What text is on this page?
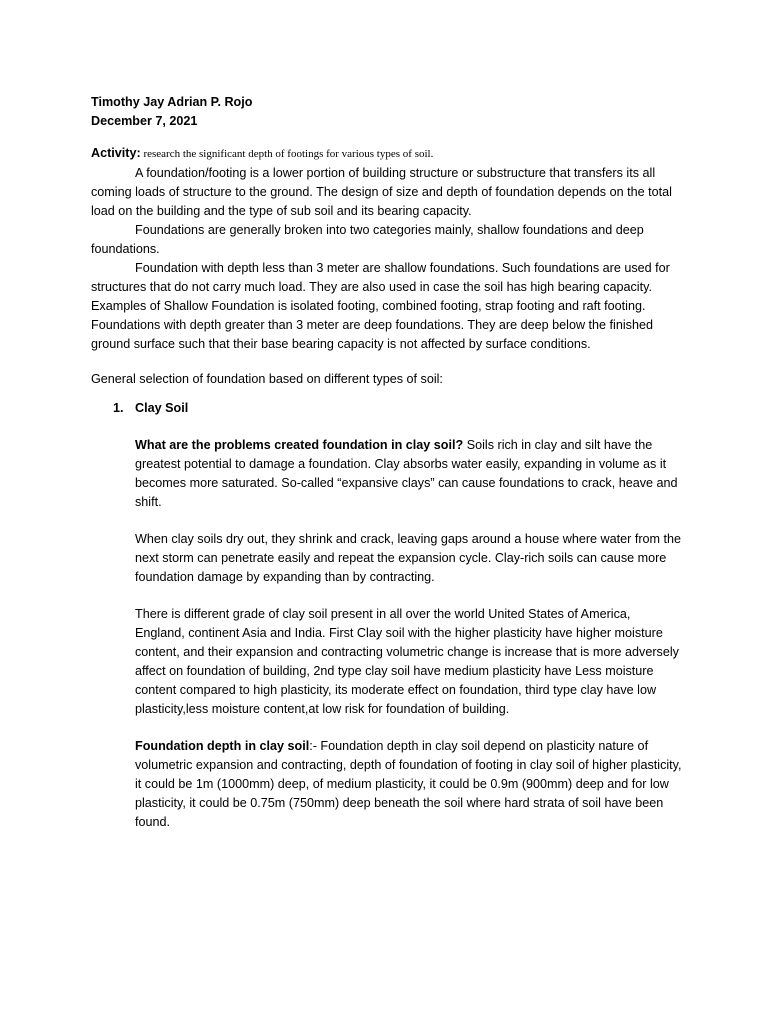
Timothy Jay Adrian P. Rojo
December 7, 2021
Activity: research the significant depth of footings for various types of soil.

A foundation/footing is a lower portion of building structure or substructure that transfers its all coming loads of structure to the ground. The design of size and depth of foundation depends on the total load on the building and the type of sub soil and its bearing capacity.

Foundations are generally broken into two categories mainly, shallow foundations and deep foundations.

Foundation with depth less than 3 meter are shallow foundations. Such foundations are used for structures that do not carry much load. They are also used in case the soil has high bearing capacity. Examples of Shallow Foundation is isolated footing, combined footing, strap footing and raft footing. Foundations with depth greater than 3 meter are deep foundations. They are deep below the finished ground surface such that their base bearing capacity is not affected by surface conditions.

General selection of foundation based on different types of soil:
1. Clay Soil

What are the problems created foundation in clay soil? Soils rich in clay and silt have the greatest potential to damage a foundation. Clay absorbs water easily, expanding in volume as it becomes more saturated. So-called “expansive clays” can cause foundations to crack, heave and shift.

When clay soils dry out, they shrink and crack, leaving gaps around a house where water from the next storm can penetrate easily and repeat the expansion cycle. Clay-rich soils can cause more foundation damage by expanding than by contracting.

There is different grade of clay soil present in all over the world United States of America, England, continent Asia and India. First Clay soil with the higher plasticity have higher moisture content, and their expansion and contracting volumetric change is increase that is more adversely affect on foundation of building, 2nd type clay soil have medium plasticity have Less moisture content compared to high plasticity, its moderate effect on foundation, third type clay have low plasticity,less moisture content,at low risk for foundation of building.

Foundation depth in clay soil:- Foundation depth in clay soil depend on plasticity nature of volumetric expansion and contracting, depth of foundation of footing in clay soil of higher plasticity, it could be 1m (1000mm) deep, of medium plasticity, it could be 0.9m (900mm) deep and for low plasticity, it could be 0.75m (750mm) deep beneath the soil where hard strata of soil have been found.
